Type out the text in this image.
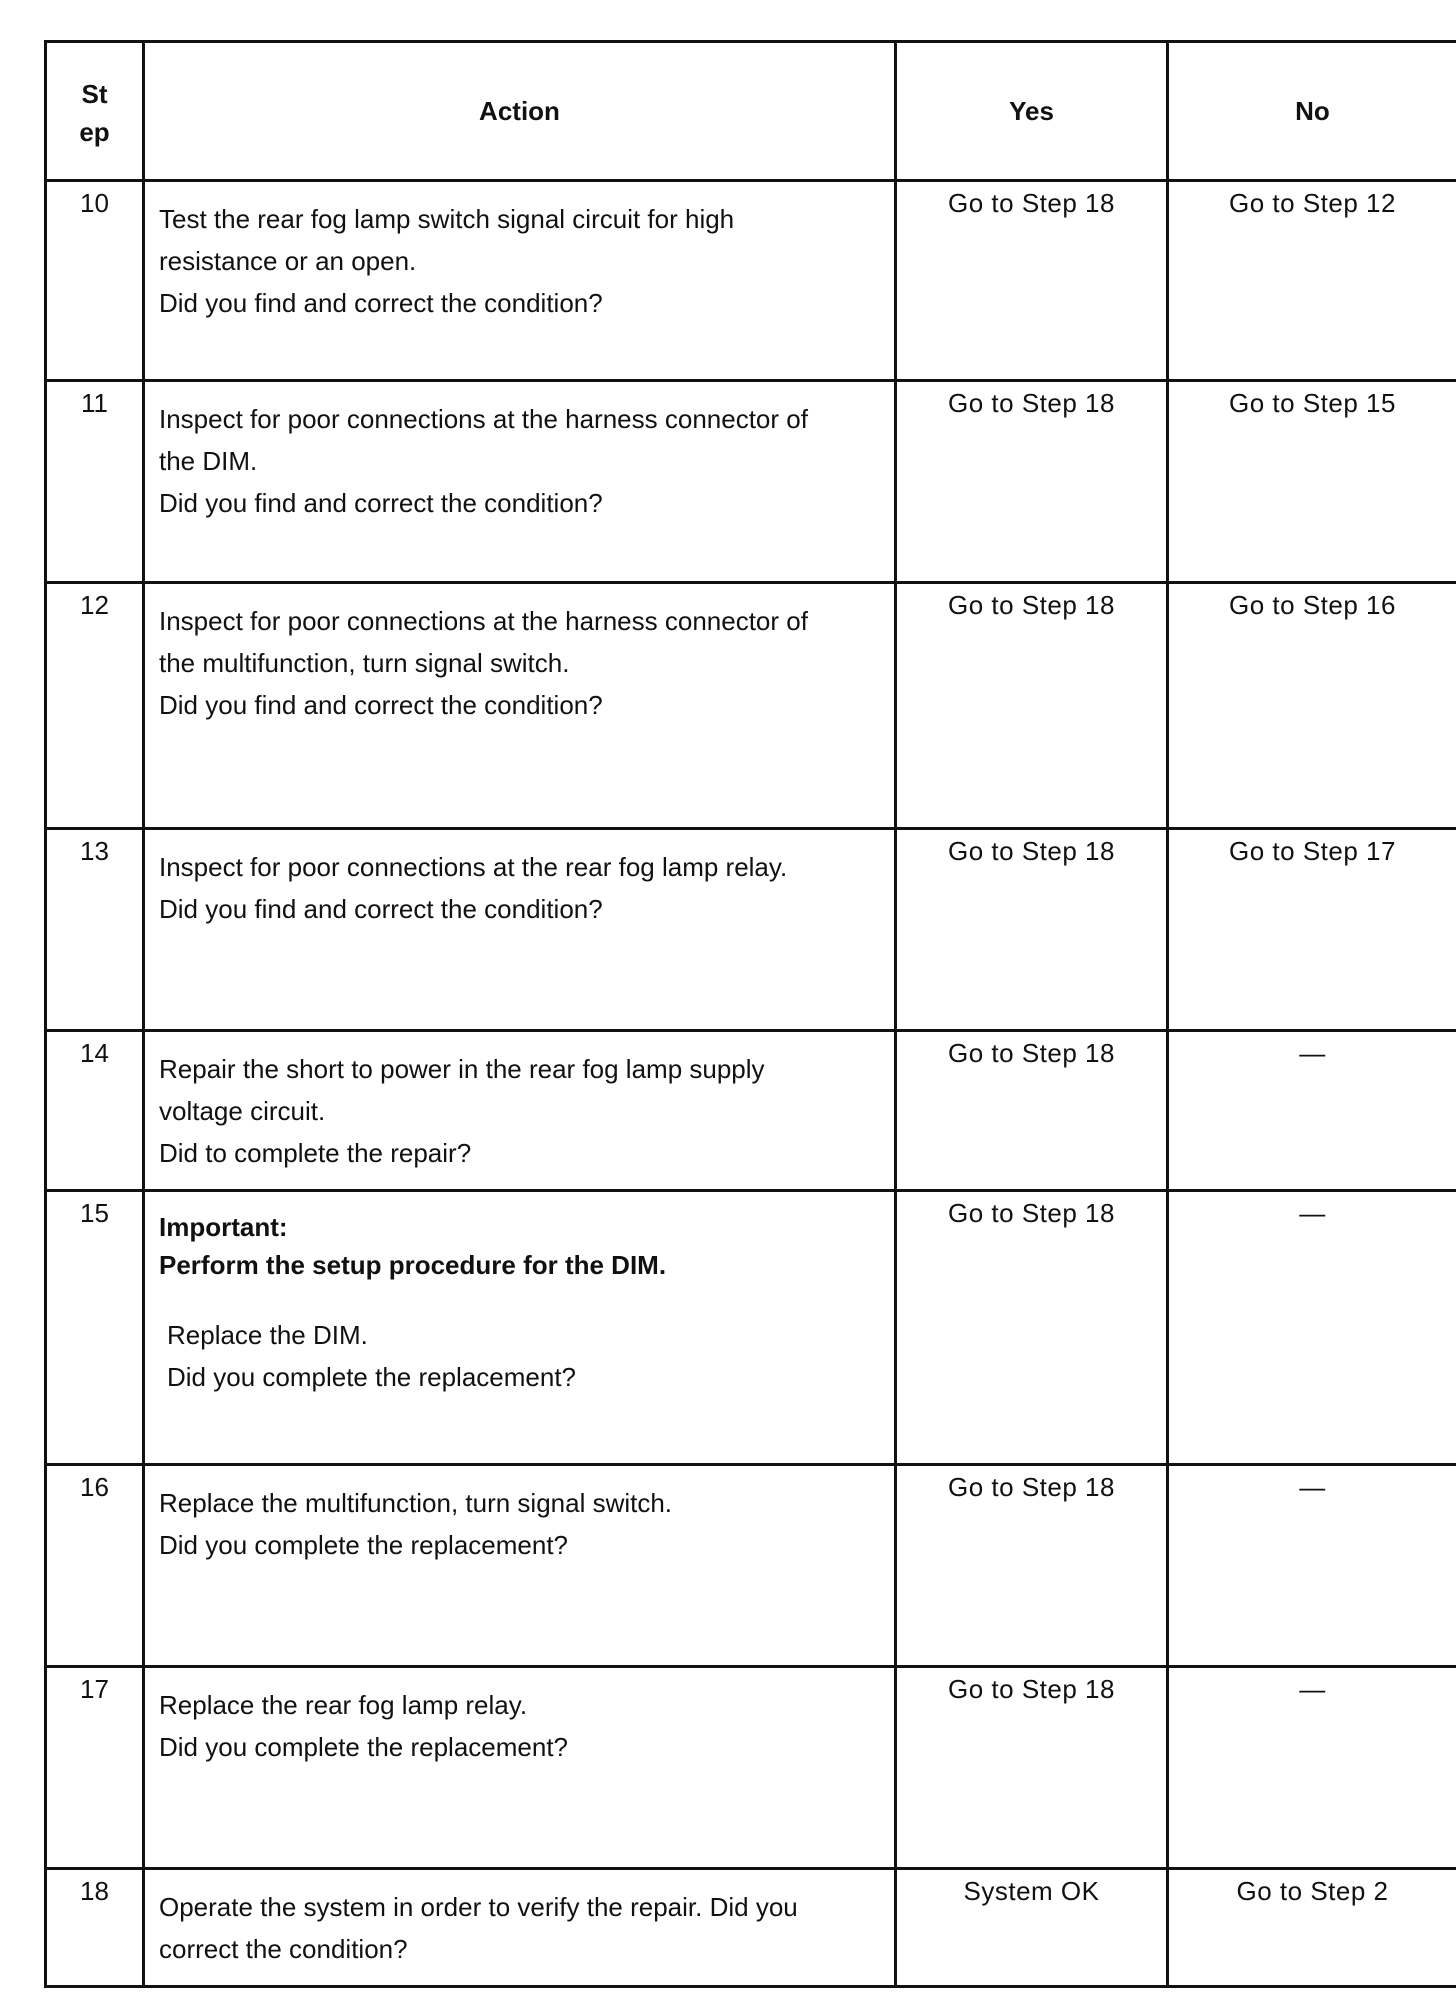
St
ep	Action	Yes	No
10	Test the rear fog lamp switch signal circuit for high
resistance or an open.
Did you find and correct the condition?	Go to Step 18	Go to Step 12
11	Inspect for poor connections at the harness connector of
the DIM.
Did you find and correct the condition?	Go to Step 18	Go to Step 15
12	Inspect for poor connections at the harness connector of
the multifunction, turn signal switch.
Did you find and correct the condition?	Go to Step 18	Go to Step 16
13	Inspect for poor connections at the rear fog lamp relay.
Did you find and correct the condition?	Go to Step 18	Go to Step 17
14	Repair the short to power in the rear fog lamp supply
voltage circuit.
Did to complete the repair?	Go to Step 18	—
15	Important:
Perform the setup procedure for the DIM.
Replace the DIM.
Did you complete the replacement?	Go to Step 18	—
16	Replace the multifunction, turn signal switch.
Did you complete the replacement?	Go to Step 18	—
17	Replace the rear fog lamp relay.
Did you complete the replacement?	Go to Step 18	—
18	Operate the system in order to verify the repair. Did you
correct the condition?	System OK	Go to Step 2
